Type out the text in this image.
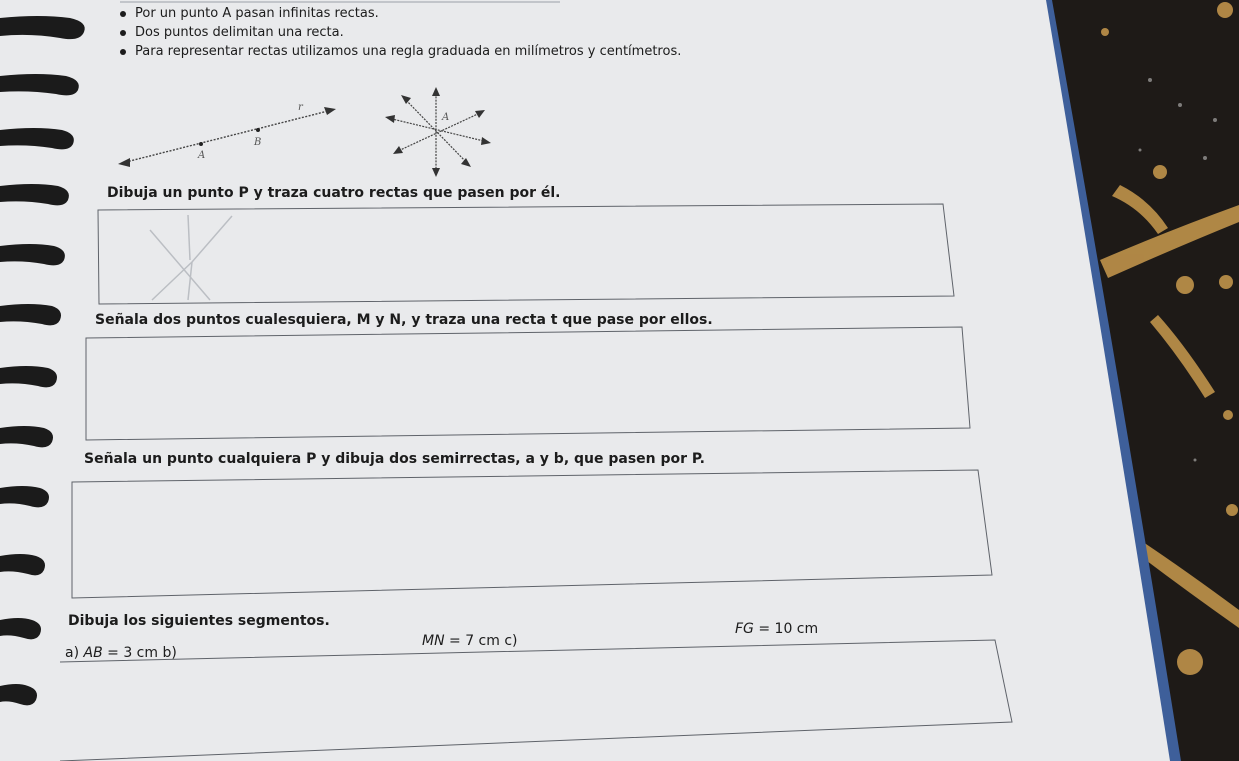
r
A
B
A
Por un punto A pasan infinitas rectas.
Dos puntos delimitan una recta.
Para representar rectas utilizamos una regla graduada en milímetros y centímetros.
Dibuja un punto P y traza cuatro rectas que pasen por él.
Señala dos puntos cualesquiera, M y N, y traza una recta t que pase por ellos.
Señala un punto cualquiera P y dibuja dos semirrectas, a y b, que pasen por P.
Dibuja los siguientes segmentos.
a) AB = 3 cm b)
MN = 7 cm c)
FG = 10 cm
